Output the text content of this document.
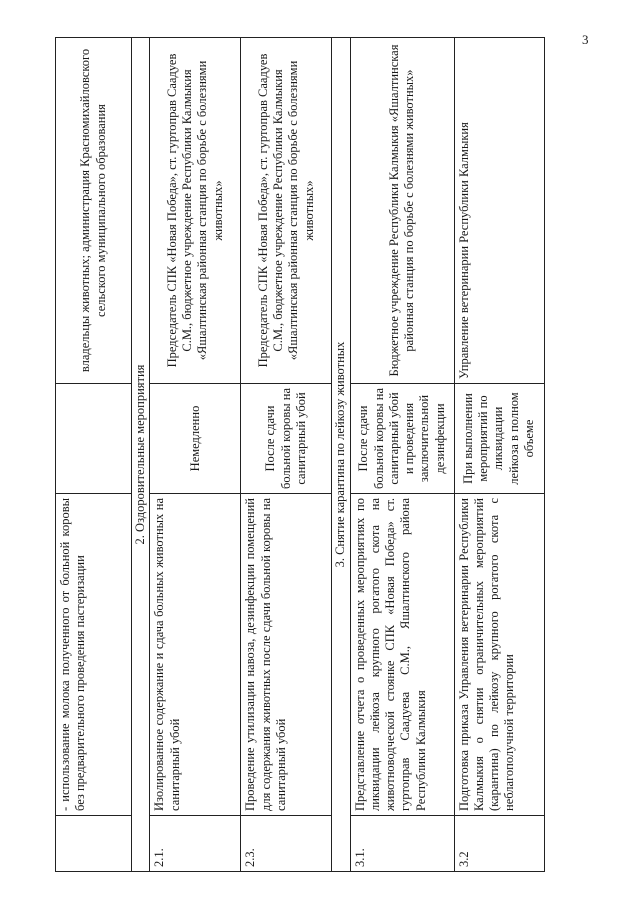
3
	- использование молока полученного от больной коровы без предварительного проведения пастеризации		владельцы животных; администрация Красномихайловского сельского муниципального образования
2. Оздоровительные мероприятия			
2.1.	Изолированное содержание и сдача больных животных на санитарный убой	Немедленно	Председатель СПК «Новая Победа», ст. гуртоправ Саадуев С.М., бюджетное учреждение Республики Калмыкия «Яшалтинская районная станция по борьбе с болезнями животных»
2.3.	Проведение утилизации навоза, дезинфекции помещений для содержания животных после сдачи больной коровы на санитарный убой	После сдачи больной коровы на санитарный убой	Председатель СПК «Новая Победа», ст. гуртоправ Саадуев С.М., бюджетное учреждение Республики Калмыкия «Яшалтинская районная станция по борьбе с болезнями животных»
3. Снятие карантина по лейкозу животных			
3.1.	Представление отчета о проведенных мероприятиях по ликвидации лейкоза крупного рогатого скота на животноводческой стоянке СПК «Новая Победа» ст. гуртоправ Саадуева С.М., Яшалтинского района Республики Калмыкия	После сдачи больной коровы на санитарный убой и проведения заключительной дезинфекции	Бюджетное учреждение Республики Калмыкия «Яшалтинская районная станция по борьбе с болезнями животных»
3.2	Подготовка приказа Управления ветеринарии Республики Калмыкия о снятии ограничительных мероприятий (карантина) по лейкозу крупного рогатого скота с неблагополучной территории	При выполнении мероприятий по ликвидации лейкоза в полном объеме	Управление ветеринарии Республики Калмыкия
